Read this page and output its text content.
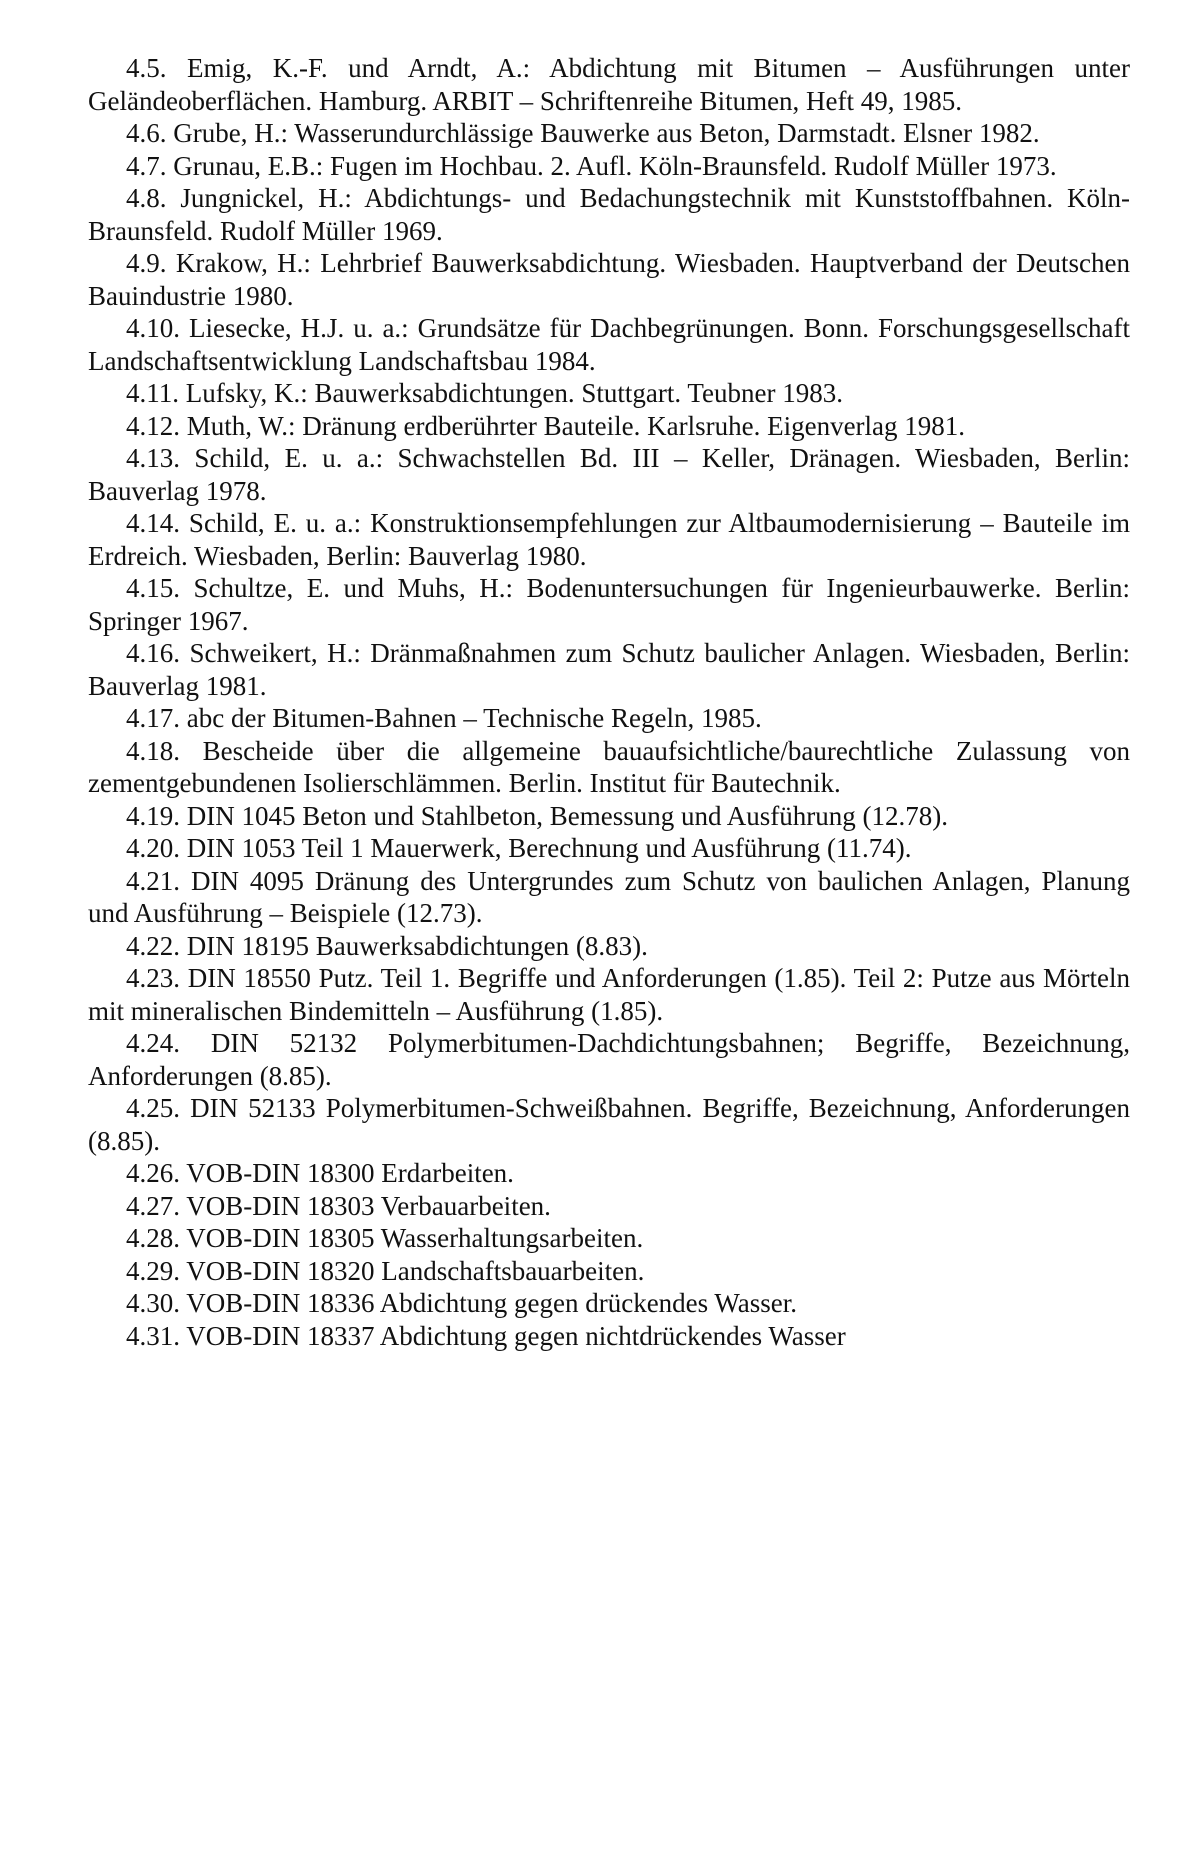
4.5. Emig, K.-F. und Arndt, A.: Abdichtung mit Bitumen – Ausführungen unter Geländeoberflächen. Hamburg. ARBIT – Schriftenreihe Bitumen, Heft 49, 1985.

4.6. Grube, H.: Wasserundurchlässige Bauwerke aus Beton, Darmstadt. Elsner 1982.

4.7. Grunau, E.B.: Fugen im Hochbau. 2. Aufl. Köln-Braunsfeld. Rudolf Müller 1973.

4.8. Jungnickel, H.: Abdichtungs- und Bedachungstechnik mit Kunststoffbahnen. Köln-Braunsfeld. Rudolf Müller 1969.

4.9. Krakow, H.: Lehrbrief Bauwerksabdichtung. Wiesbaden. Hauptverband der Deutschen Bauindustrie 1980.

4.10. Liesecke, H.J. u. a.: Grundsätze für Dachbegrünungen. Bonn. Forschungsgesellschaft Landschaftsentwicklung Landschaftsbau 1984.

4.11. Lufsky, K.: Bauwerksabdichtungen. Stuttgart. Teubner 1983.

4.12. Muth, W.: Dränung erdberührter Bauteile. Karlsruhe. Eigenverlag 1981.

4.13. Schild, E. u. a.: Schwachstellen Bd. III – Keller, Dränagen. Wiesbaden, Berlin: Bauverlag 1978.

4.14. Schild, E. u. a.: Konstruktionsempfehlungen zur Altbaumodernisierung – Bauteile im Erdreich. Wiesbaden, Berlin: Bauverlag 1980.

4.15. Schultze, E. und Muhs, H.: Bodenuntersuchungen für Ingenieurbauwerke. Berlin: Springer 1967.

4.16. Schweikert, H.: Dränmaßnahmen zum Schutz baulicher Anlagen. Wiesbaden, Berlin: Bauverlag 1981.

4.17. abc der Bitumen-Bahnen – Technische Regeln, 1985.

4.18. Bescheide über die allgemeine bauaufsichtliche/baurechtliche Zulassung von zementgebundenen Isolierschlämmen. Berlin. Institut für Bautechnik.

4.19. DIN 1045 Beton und Stahlbeton, Bemessung und Ausführung (12.78).

4.20. DIN 1053 Teil 1 Mauerwerk, Berechnung und Ausführung (11.74).

4.21. DIN 4095 Dränung des Untergrundes zum Schutz von baulichen Anlagen, Planung und Ausführung – Beispiele (12.73).

4.22. DIN 18195 Bauwerksabdichtungen (8.83).

4.23. DIN 18550 Putz. Teil 1. Begriffe und Anforderungen (1.85). Teil 2: Putze aus Mörteln mit mineralischen Bindemitteln – Ausführung (1.85).

4.24. DIN 52132 Polymerbitumen-Dachdichtungsbahnen; Begriffe, Bezeichnung, Anforderungen (8.85).

4.25. DIN 52133 Polymerbitumen-Schweißbahnen. Begriffe, Bezeichnung, Anforderungen (8.85).

4.26. VOB-DIN 18300 Erdarbeiten.

4.27. VOB-DIN 18303 Verbauarbeiten.

4.28. VOB-DIN 18305 Wasserhaltungsarbeiten.

4.29. VOB-DIN 18320 Landschaftsbauarbeiten.

4.30. VOB-DIN 18336 Abdichtung gegen drückendes Wasser.

4.31. VOB-DIN 18337 Abdichtung gegen nichtdrückendes Wasser
